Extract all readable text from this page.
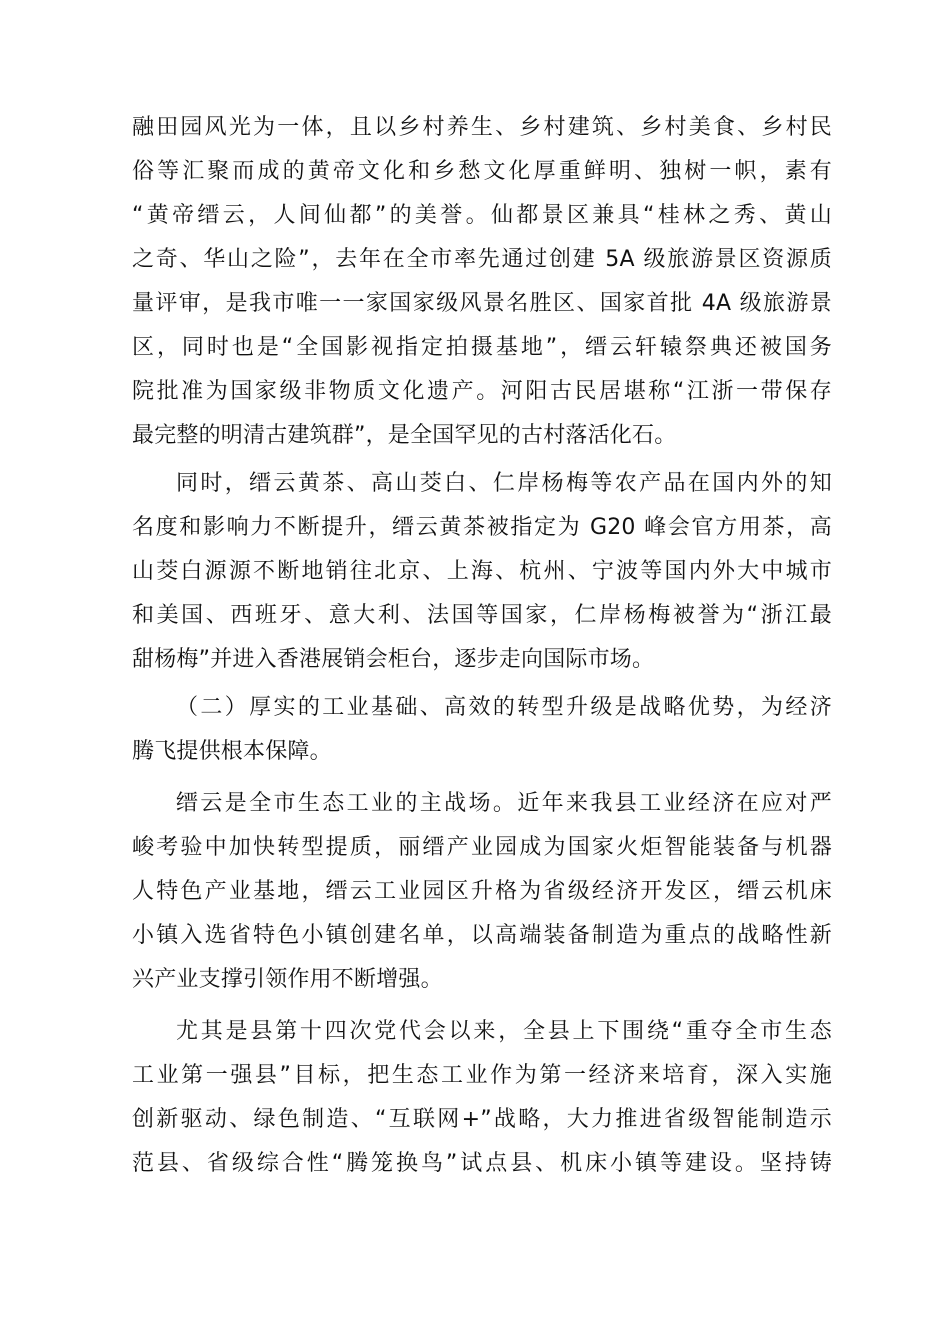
融田园风光为一体，且以乡村养生、乡村建筑、乡村美食、乡村民
俗等汇聚而成的黄帝文化和乡愁文化厚重鲜明、独树一帜，素有
“黄帝缙云，人间仙都”的美誉。仙都景区兼具“桂林之秀、黄山
之奇、华山之险”，去年在全市率先通过创建 5A 级旅游景区资源质
量评审，是我市唯一一家国家级风景名胜区、国家首批 4A 级旅游景
区，同时也是“全国影视指定拍摄基地”，缙云轩辕祭典还被国务
院批准为国家级非物质文化遗产。河阳古民居堪称“江浙一带保存
最完整的明清古建筑群”，是全国罕见的古村落活化石。
同时，缙云黄茶、高山茭白、仁岸杨梅等农产品在国内外的知
名度和影响力不断提升，缙云黄茶被指定为 G20 峰会官方用茶，高
山茭白源源不断地销往北京、上海、杭州、宁波等国内外大中城市
和美国、西班牙、意大利、法国等国家，仁岸杨梅被誉为“浙江最
甜杨梅”并进入香港展销会柜台，逐步走向国际市场。
（二）厚实的工业基础、高效的转型升级是战略优势，为经济
腾飞提供根本保障。
缙云是全市生态工业的主战场。近年来我县工业经济在应对严
峻考验中加快转型提质，丽缙产业园成为国家火炬智能装备与机器
人特色产业基地，缙云工业园区升格为省级经济开发区，缙云机床
小镇入选省特色小镇创建名单，以高端装备制造为重点的战略性新
兴产业支撑引领作用不断增强。
尤其是县第十四次党代会以来，全县上下围绕“重夺全市生态
工业第一强县”目标，把生态工业作为第一经济来培育，深入实施
创新驱动、绿色制造、“互联网+”战略，大力推进省级智能制造示
范县、省级综合性“腾笼换鸟”试点县、机床小镇等建设。坚持铸
